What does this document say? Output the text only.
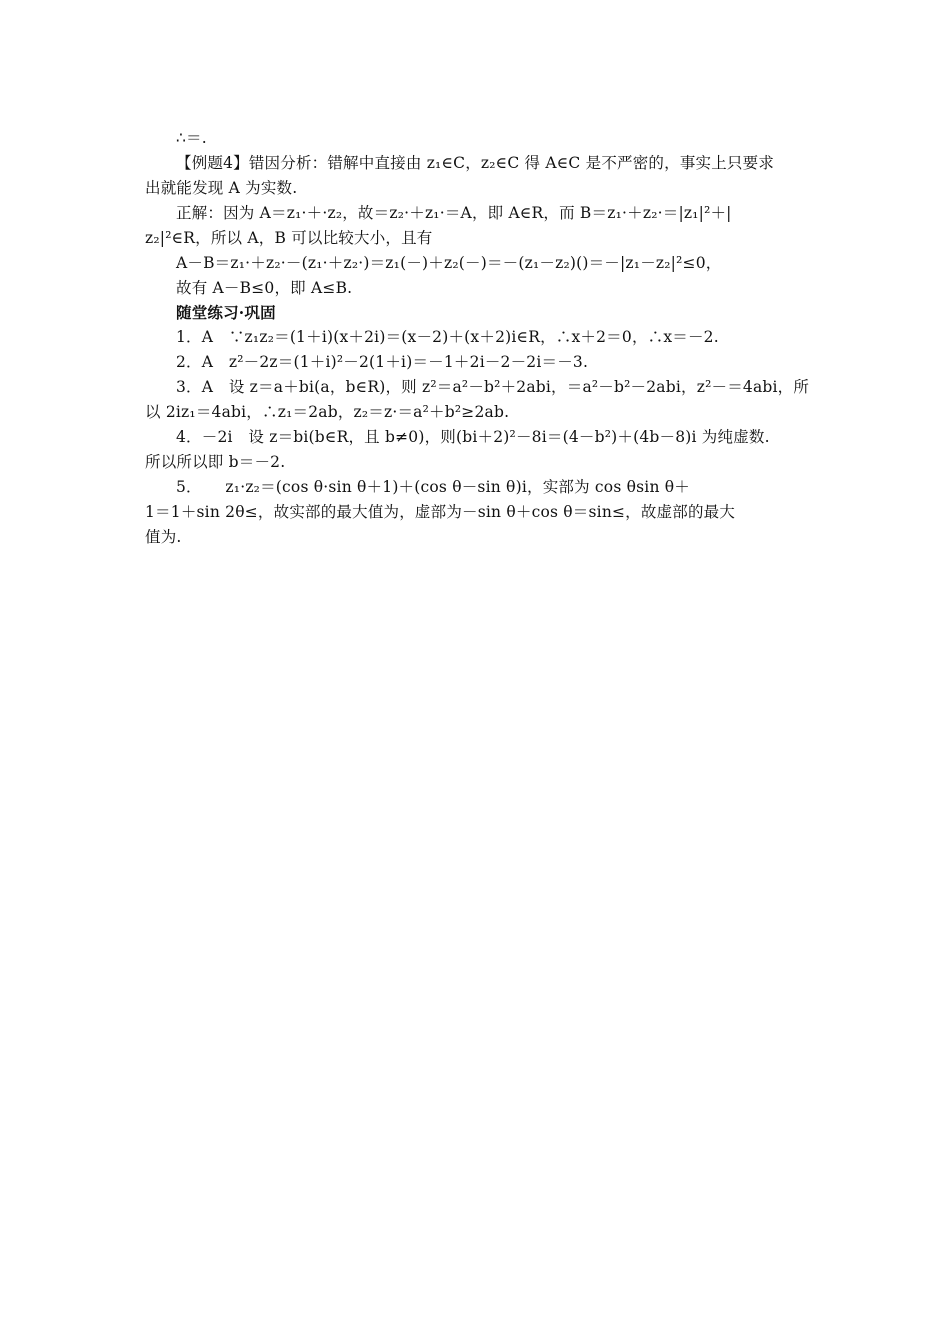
∴＝.
【例题4】错因分析：错解中直接由 z₁∈C，z₂∈C 得 A∈C 是不严密的，事实上只要求
出就能发现 A 为实数.
正解：因为 A＝z₁·＋·z₂，故＝z₂·＋z₁·＝A，即 A∈R，而 B＝z₁·＋z₂·＝|z₁|²＋|
z₂|²∈R，所以 A，B 可以比较大小，且有
A－B＝z₁·＋z₂·－(z₁·＋z₂·)＝z₁(－)＋z₂(－)＝－(z₁－z₂)()＝－|z₁－z₂|²≤0，
故有 A－B≤0，即 A≤B.
随堂练习·巩固
1．A　∵z₁z₂＝(1＋i)(x＋2i)＝(x－2)＋(x＋2)i∈R，∴x＋2＝0，∴x＝－2.
2．A　z²－2z＝(1＋i)²－2(1＋i)＝－1＋2i－2－2i＝－3.
3．A　设 z＝a＋bi(a，b∈R)，则 z²＝a²－b²＋2abi，＝a²－b²－2abi，z²－＝4abi，所
以 2iz₁＝4abi，∴z₁＝2ab，z₂＝z·＝a²＋b²≥2ab.
4．－2i　设 z＝bi(b∈R，且 b≠0)，则(bi＋2)²－8i＝(4－b²)＋(4b－8)i 为纯虚数.
所以所以即 b＝－2.
5．　　z₁·z₂＝(cos θ·sin θ＋1)＋(cos θ－sin θ)i，实部为 cos θsin θ＋
1＝1＋sin 2θ≤，故实部的最大值为，虚部为－sin θ＋cos θ＝sin≤，故虚部的最大
值为.
